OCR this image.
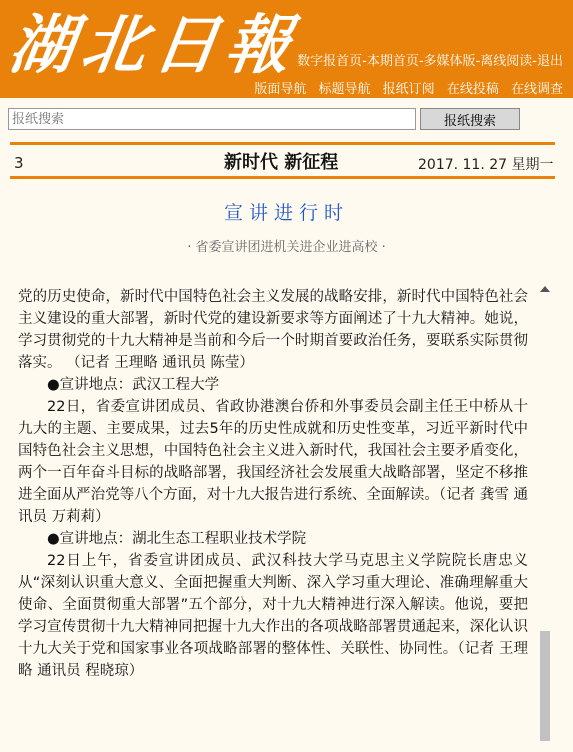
湖北日報
数字报首页-本期首页-多媒体版-离线阅读-退出
版面导航 标题导航 报纸订阅 在线投稿 在线调查
报纸搜索
报纸搜索
3	新时代 新征程	2017. 11. 27 星期一
宣讲进行时
· 省委宣讲团进机关进企业进高校 ·

党的历史使命，新时代中国特色社会主义发展的战略安排，新时代中国特色社会主义建设的重大部署，新时代党的建设新要求等方面阐述了十九大精神。她说，学习贯彻党的十九大精神是当前和今后一个时期首要政治任务，要联系实际贯彻落实。 （记者 王理略 通讯员 陈莹）

●宣讲地点：武汉工程大学

22日，省委宣讲团成员、省政协港澳台侨和外事委员会副主任王中桥从十九大的主题、主要成果，过去5年的历史性成就和历史性变革，习近平新时代中国特色社会主义思想，中国特色社会主义进入新时代，我国社会主要矛盾变化，两个一百年奋斗目标的战略部署，我国经济社会发展重大战略部署，坚定不移推进全面从严治党等八个方面，对十九大报告进行系统、全面解读。（记者 龚雪 通讯员 万莉莉）

●宣讲地点：湖北生态工程职业技术学院

22日上午，省委宣讲团成员、武汉科技大学马克思主义学院院长唐忠义从“深刻认识重大意义、全面把握重大判断、深入学习重大理论、准确理解重大使命、全面贯彻重大部署”五个部分，对十九大精神进行深入解读。他说，要把学习宣传贯彻十九大精神同把握十九大作出的各项战略部署贯通起来，深化认识十九大关于党和国家事业各项战略部署的整体性、关联性、协同性。（记者 王理略 通讯员 程晓琼）
